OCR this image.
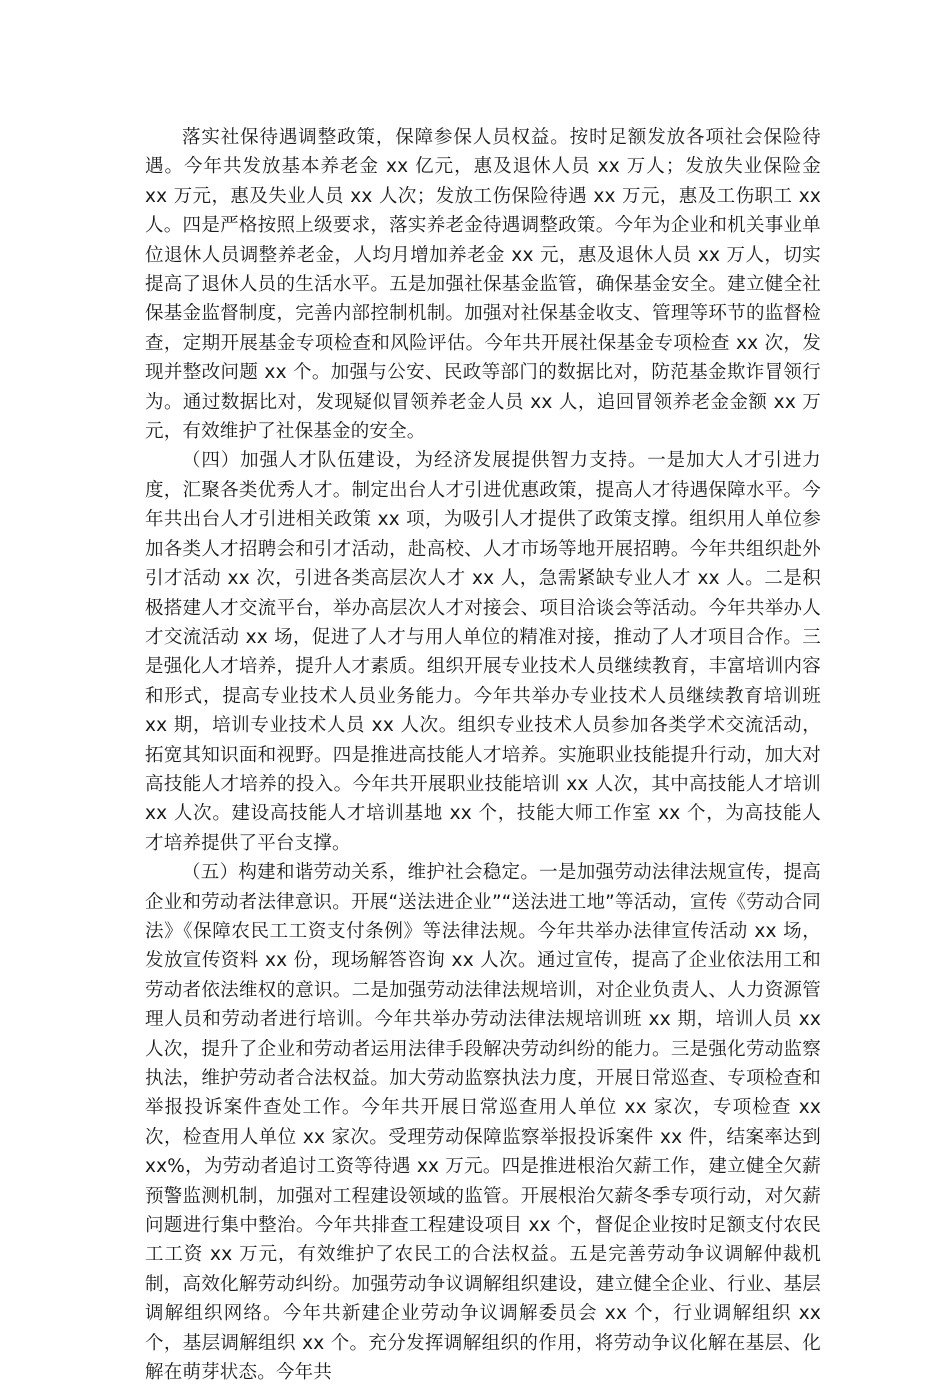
落实社保待遇调整政策，保障参保人员权益。按时足额发放各项社会保险待遇。今年共发放基本养老金 xx 亿元，惠及退休人员 xx 万人；发放失业保险金 xx 万元，惠及失业人员 xx 人次；发放工伤保险待遇 xx 万元，惠及工伤职工 xx 人。四是严格按照上级要求，落实养老金待遇调整政策。今年为企业和机关事业单位退休人员调整养老金，人均月增加养老金 xx 元，惠及退休人员 xx 万人，切实提高了退休人员的生活水平。五是加强社保基金监管，确保基金安全。建立健全社保基金监督制度，完善内部控制机制。加强对社保基金收支、管理等环节的监督检查，定期开展基金专项检查和风险评估。今年共开展社保基金专项检查 xx 次，发现并整改问题 xx 个。加强与公安、民政等部门的数据比对，防范基金欺诈冒领行为。通过数据比对，发现疑似冒领养老金人员 xx 人，追回冒领养老金金额 xx 万元，有效维护了社保基金的安全。

（四）加强人才队伍建设，为经济发展提供智力支持。一是加大人才引进力度，汇聚各类优秀人才。制定出台人才引进优惠政策，提高人才待遇保障水平。今年共出台人才引进相关政策 xx 项，为吸引人才提供了政策支撑。组织用人单位参加各类人才招聘会和引才活动，赴高校、人才市场等地开展招聘。今年共组织赴外引才活动 xx 次，引进各类高层次人才 xx 人，急需紧缺专业人才 xx 人。二是积极搭建人才交流平台，举办高层次人才对接会、项目洽谈会等活动。今年共举办人才交流活动 xx 场，促进了人才与用人单位的精准对接，推动了人才项目合作。三是强化人才培养，提升人才素质。组织开展专业技术人员继续教育，丰富培训内容和形式，提高专业技术人员业务能力。今年共举办专业技术人员继续教育培训班 xx 期，培训专业技术人员 xx 人次。组织专业技术人员参加各类学术交流活动，拓宽其知识面和视野。四是推进高技能人才培养。实施职业技能提升行动，加大对高技能人才培养的投入。今年共开展职业技能培训 xx 人次，其中高技能人才培训 xx 人次。建设高技能人才培训基地 xx 个，技能大师工作室 xx 个，为高技能人才培养提供了平台支撑。

（五）构建和谐劳动关系，维护社会稳定。一是加强劳动法律法规宣传，提高企业和劳动者法律意识。开展“送法进企业”“送法进工地”等活动，宣传《劳动合同法》《保障农民工工资支付条例》等法律法规。今年共举办法律宣传活动 xx 场，发放宣传资料 xx 份，现场解答咨询 xx 人次。通过宣传，提高了企业依法用工和劳动者依法维权的意识。二是加强劳动法律法规培训，对企业负责人、人力资源管理人员和劳动者进行培训。今年共举办劳动法律法规培训班 xx 期，培训人员 xx 人次，提升了企业和劳动者运用法律手段解决劳动纠纷的能力。三是强化劳动监察执法，维护劳动者合法权益。加大劳动监察执法力度，开展日常巡查、专项检查和举报投诉案件查处工作。今年共开展日常巡查用人单位 xx 家次，专项检查 xx 次，检查用人单位 xx 家次。受理劳动保障监察举报投诉案件 xx 件，结案率达到 xx%，为劳动者追讨工资等待遇 xx 万元。四是推进根治欠薪工作，建立健全欠薪预警监测机制，加强对工程建设领域的监管。开展根治欠薪冬季专项行动，对欠薪问题进行集中整治。今年共排查工程建设项目 xx 个，督促企业按时足额支付农民工工资 xx 万元，有效维护了农民工的合法权益。五是完善劳动争议调解仲裁机制，高效化解劳动纠纷。加强劳动争议调解组织建设，建立健全企业、行业、基层调解组织网络。今年共新建企业劳动争议调解委员会 xx 个，行业调解组织 xx 个，基层调解组织 xx 个。充分发挥调解组织的作用，将劳动争议化解在基层、化解在萌芽状态。今年共
